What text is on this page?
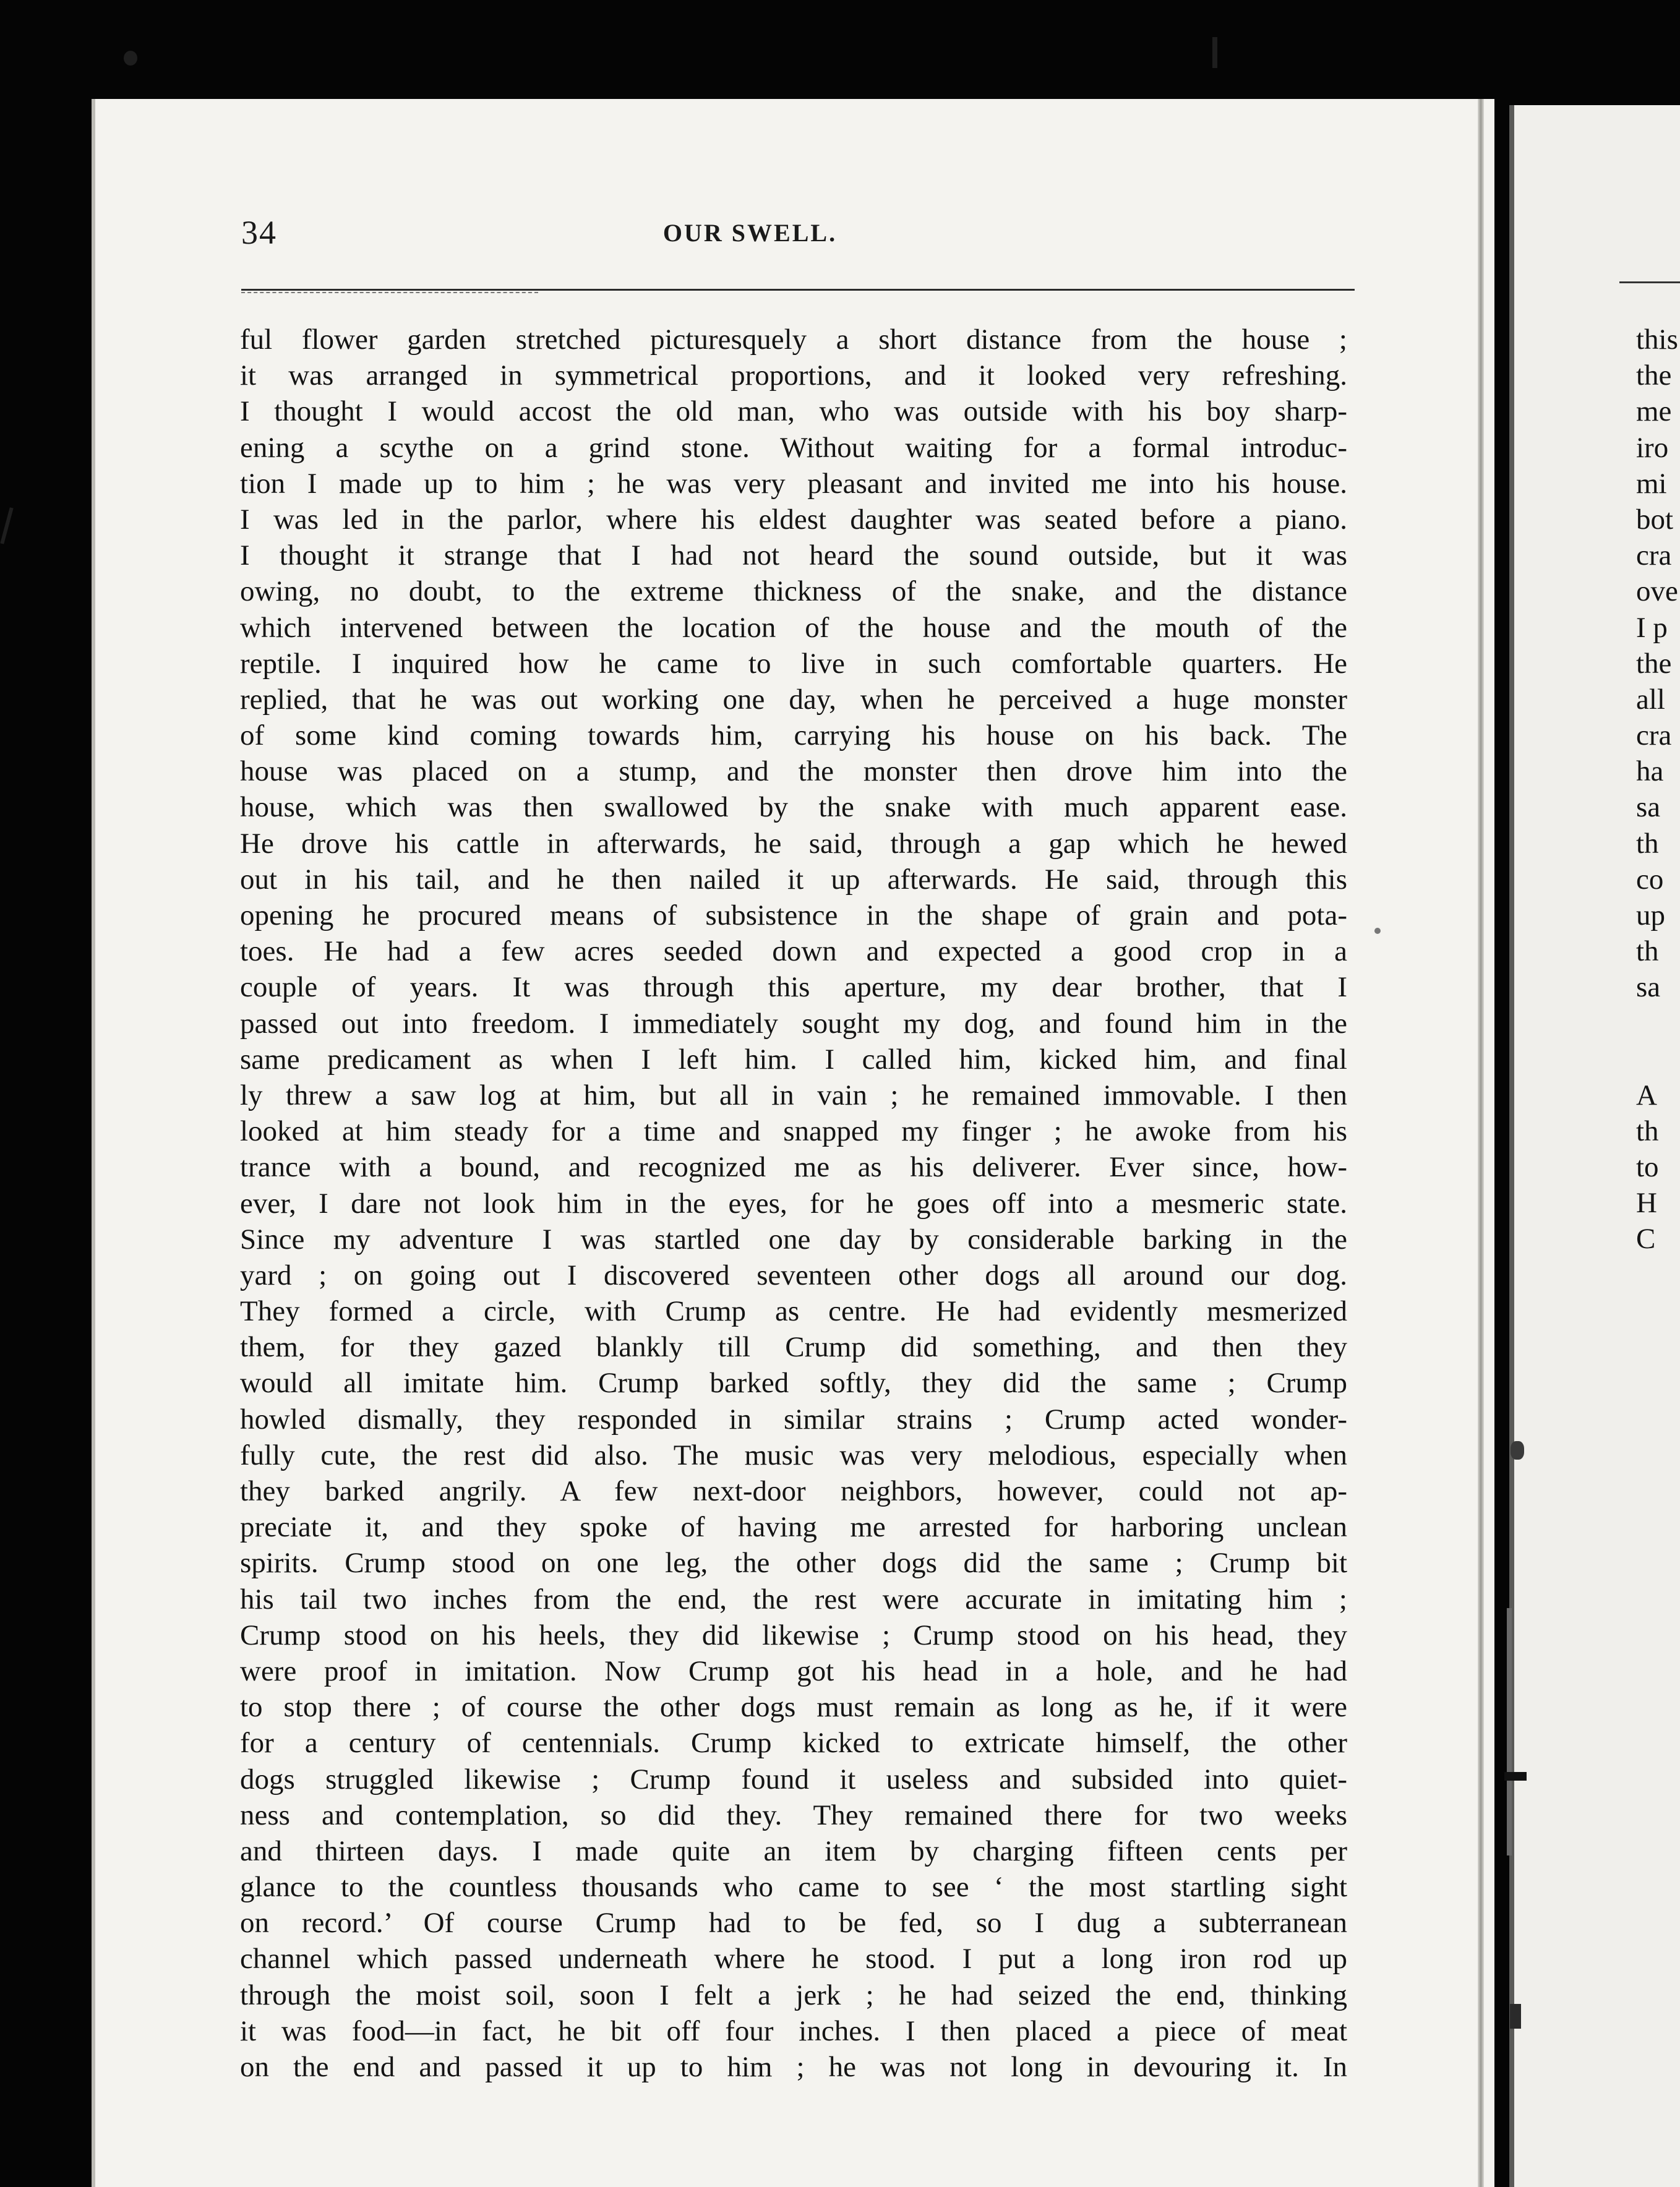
34	OUR SWELL.
ful flower garden stretched picturesquely a short distance from the house ;
it was arranged in symmetrical proportions, and it looked very refreshing.
I thought I would accost the old man, who was outside with his boy sharp-
ening a scythe on a grind stone. Without waiting for a formal introduc-
tion I made up to him ; he was very pleasant and invited me into his house.
I was led in the parlor, where his eldest daughter was seated before a piano.
I thought it strange that I had not heard the sound outside, but it was
owing, no doubt, to the extreme thickness of the snake, and the distance
which intervened between the location of the house and the mouth of the
reptile. I inquired how he came to live in such comfortable quarters. He
replied, that he was out working one day, when he perceived a huge monster
of some kind coming towards him, carrying his house on his back. The
house was placed on a stump, and the monster then drove him into the
house, which was then swallowed by the snake with much apparent ease.
He drove his cattle in afterwards, he said, through a gap which he hewed
out in his tail, and he then nailed it up afterwards. He said, through this
opening he procured means of subsistence in the shape of grain and pota-
toes. He had a few acres seeded down and expected a good crop in a
couple of years. It was through this aperture, my dear brother, that I
passed out into freedom. I immediately sought my dog, and found him in the
same predicament as when I left him. I called him, kicked him, and final
ly threw a saw log at him, but all in vain ; he remained immovable. I then
looked at him steady for a time and snapped my finger ; he awoke from his
trance with a bound, and recognized me as his deliverer. Ever since, how-
ever, I dare not look him in the eyes, for he goes off into a mesmeric state.
Since my adventure I was startled one day by considerable barking in the
yard ; on going out I discovered seventeen other dogs all around our dog.
They formed a circle, with Crump as centre. He had evidently mesmerized
them, for they gazed blankly till Crump did something, and then they
would all imitate him. Crump barked softly, they did the same ; Crump
howled dismally, they responded in similar strains ; Crump acted wonder-
fully cute, the rest did also. The music was very melodious, especially when
they barked angrily. A few next-door neighbors, however, could not ap-
preciate it, and they spoke of having me arrested for harboring unclean
spirits. Crump stood on one leg, the other dogs did the same ; Crump bit
his tail two inches from the end, the rest were accurate in imitating him ;
Crump stood on his heels, they did likewise ; Crump stood on his head, they
were proof in imitation. Now Crump got his head in a hole, and he had
to stop there ; of course the other dogs must remain as long as he, if it were
for a century of centennials. Crump kicked to extricate himself, the other
dogs struggled likewise ; Crump found it useless and subsided into quiet-
ness and contemplation, so did they. They remained there for two weeks
and thirteen days. I made quite an item by charging fifteen cents per
glance to the countless thousands who came to see ‘ the most startling sight
on record.’ Of course Crump had to be fed, so I dug a subterranean
channel which passed underneath where he stood. I put a long iron rod up
through the moist soil, soon I felt a jerk ; he had seized the end, thinking
it was food—in fact, he bit off four inches. I then placed a piece of meat
on the end and passed it up to him ; he was not long in devouring it. In
this
the
me
iro
mi
bot
cra
ove
I p
the
all
cra
ha
sa
th
co
up
th
sa
A
th
to
H
C
